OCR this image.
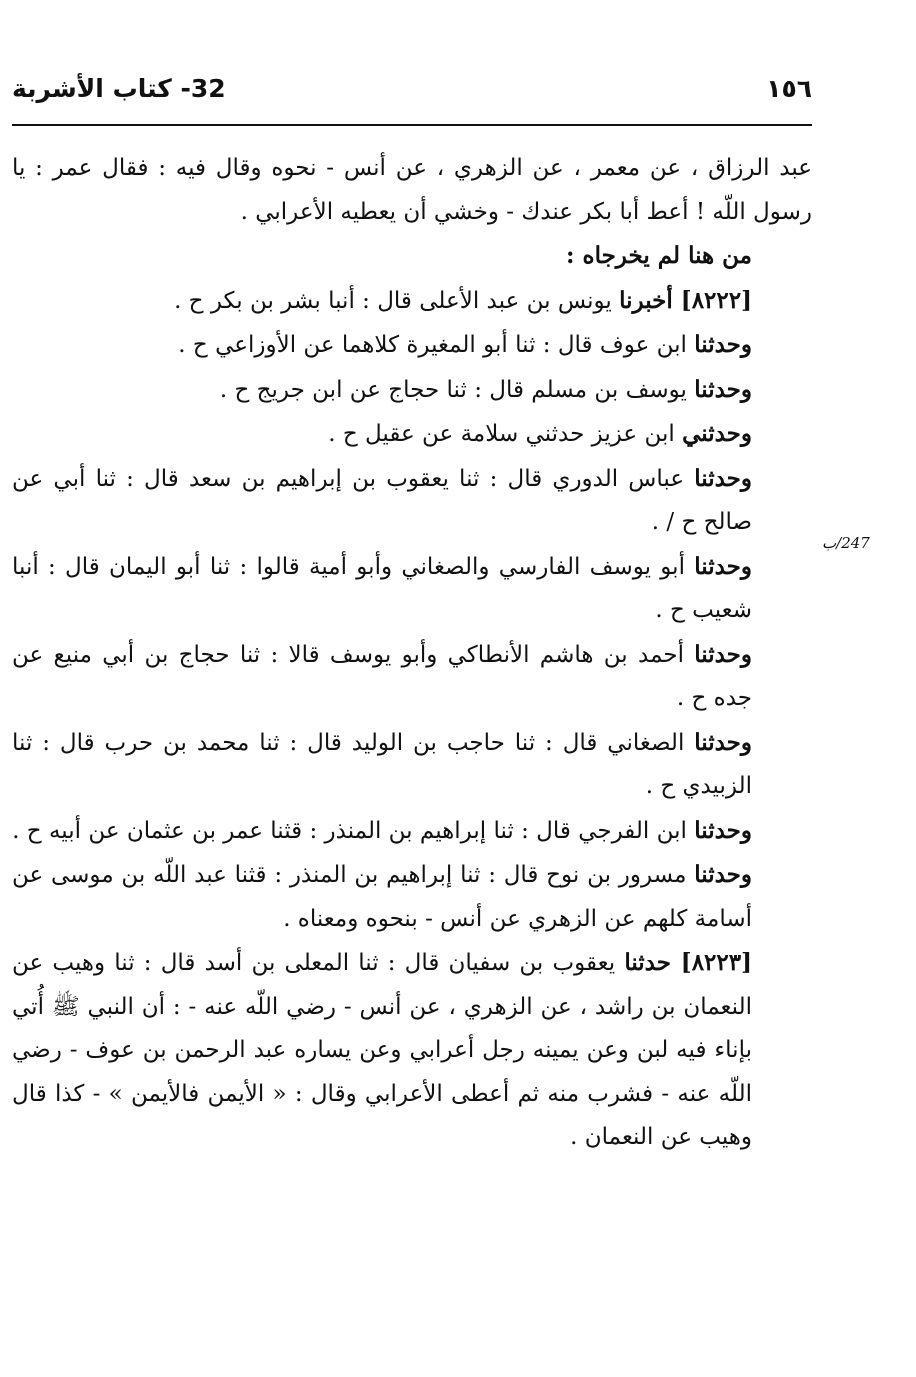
١٥٦
32- كتاب الأشربة
247/ب

عبد الرزاق ، عن معمر ، عن الزهري ، عن أنس - نحوه وقال فيه : فقال عمر : يا رسول اللّه ! أعط أبا بكر عندك - وخشي أن يعطيه الأعرابي .

من هنا لم يخرجاه :

[٨٢٢٢] أخبرنا يونس بن عبد الأعلى قال : أنبا بشر بن بكر ح .

وحدثنا ابن عوف قال : ثنا أبو المغيرة كلاهما عن الأوزاعي ح .

وحدثنا يوسف بن مسلم قال : ثنا حجاج عن ابن جريج ح .

وحدثني ابن عزيز حدثني سلامة عن عقيل ح .

وحدثنا عباس الدوري قال : ثنا يعقوب بن إبراهيم بن سعد قال : ثنا أبي عن صالح ح / .

وحدثنا أبو يوسف الفارسي والصغاني وأبو أمية قالوا : ثنا أبو اليمان قال : أنبا شعيب ح .

وحدثنا أحمد بن هاشم الأنطاكي وأبو يوسف قالا : ثنا حجاج بن أبي منيع عن جده ح .

وحدثنا الصغاني قال : ثنا حاجب بن الوليد قال : ثنا محمد بن حرب قال : ثنا الزبيدي ح .

وحدثنا ابن الفرجي قال : ثنا إبراهيم بن المنذر : قثنا عمر بن عثمان عن أبيه ح .

وحدثنا مسرور بن نوح قال : ثنا إبراهيم بن المنذر : قثنا عبد اللّه بن موسى عن أسامة كلهم عن الزهري عن أنس - بنحوه ومعناه .

[٨٢٢٣] حدثنا يعقوب بن سفيان قال : ثنا المعلى بن أسد قال : ثنا وهيب عن النعمان بن راشد ، عن الزهري ، عن أنس - رضي اللّه عنه - : أن النبي ﷺ أُتي بإناء فيه لبن وعن يمينه رجل أعرابي وعن يساره عبد الرحمن بن عوف - رضي اللّه عنه - فشرب منه ثم أعطى الأعرابي وقال : « الأيمن فالأيمن » - كذا قال وهيب عن النعمان .
